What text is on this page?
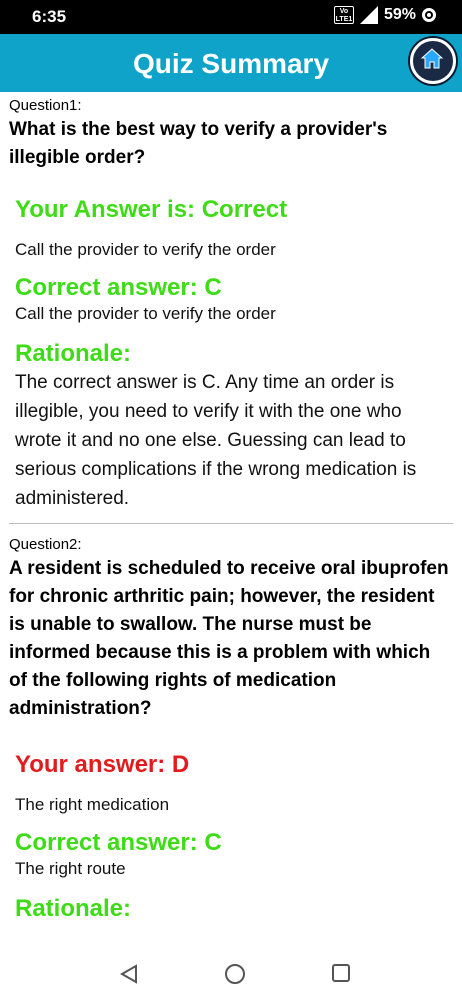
6:35	Vo
LTE1 59%
Quiz Summary
Question1:

What is the best way to verify a provider's illegible order?

Your Answer is: Correct

Call the provider to verify the order

Correct answer: C

Call the provider to verify the order

Rationale:

The correct answer is C. Any time an order is illegible, you need to verify it with the one who wrote it and no one else. Guessing can lead to serious complications if the wrong medication is administered.

Question2:

A resident is scheduled to receive oral ibuprofen for chronic arthritic pain; however, the resident is unable to swallow. The nurse must be informed because this is a problem with which of the following rights of medication administration?

Your answer: D

The right medication

Correct answer: C

The right route

Rationale:
